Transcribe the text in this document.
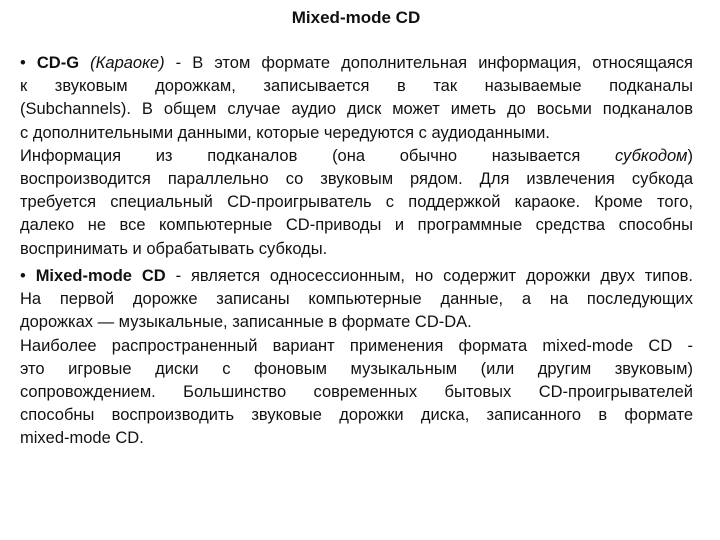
Mixed-mode CD
• CD-G (Караоке) - В этом формате дополнительная информация, относящаяся
к звуковым дорожкам, записывается в так называемые подканалы
(Subchannels). В общем случае аудио диск может иметь до восьми подканалов
с дополнительными данными, которые чередуются с аудиоданными.
Информация из подканалов (она обычно называется субкодом)
воспроизводится параллельно со звуковым рядом. Для извлечения субкода
требуется специальный CD-проигрыватель с поддержкой караоке. Кроме того,
далеко не все компьютерные CD-приводы и программные средства способны
воспринимать и обрабатывать субкоды.
• Mixed-mode CD - является односессионным, но содержит дорожки двух типов.
На первой дорожке записаны компьютерные данные, а на последующих
дорожках — музыкальные, записанные в формате CD-DA.
Наиболее распространенный вариант применения формата mixed-mode CD -
это игровые диски с фоновым музыкальным (или другим звуковым)
сопровождением. Большинство современных бытовых CD-проигрывателей
способны воспроизводить звуковые дорожки диска, записанного в формате
mixed-mode CD.
